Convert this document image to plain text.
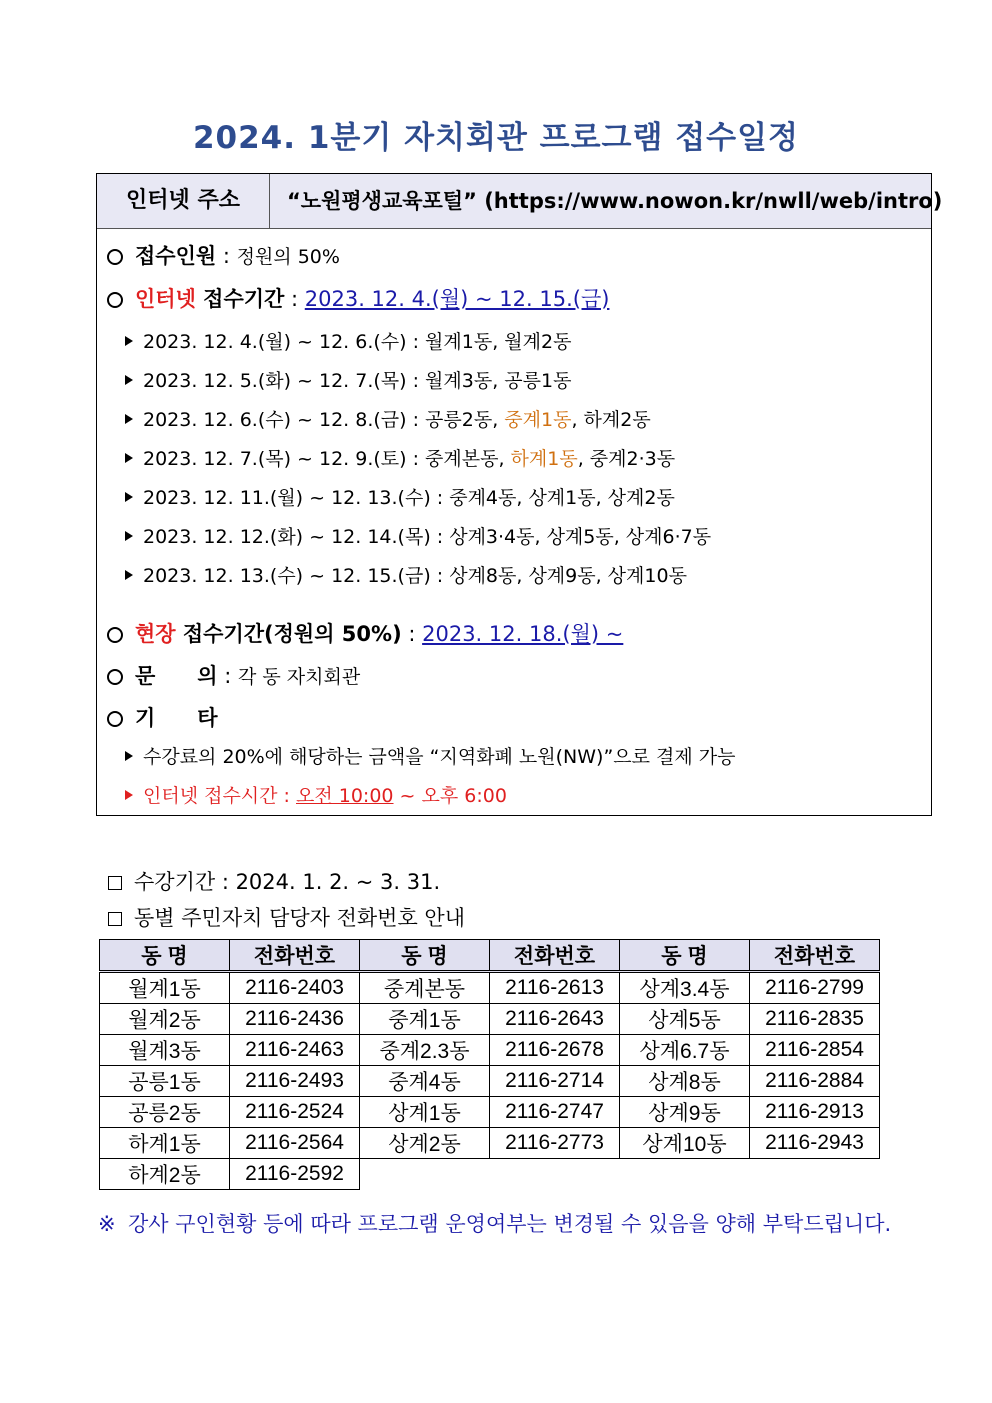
2024. 1분기 자치회관 프로그램 접수일정
인터넷 주소	“노원평생교육포털” (https://www.nowon.kr/nwll/web/intro)
접수인원 : 정원의 50%
인터넷 접수기간 : 2023. 12. 4.(월) ~ 12. 15.(금)
2023. 12. 4.(월) ~ 12. 6.(수) : 월계1동, 월계2동
2023. 12. 5.(화) ~ 12. 7.(목) : 월계3동, 공릉1동
2023. 12. 6.(수) ~ 12. 8.(금) : 공릉2동, 중계1동, 하계2동
2023. 12. 7.(목) ~ 12. 9.(토) : 중계본동, 하계1동, 중계2·3동
2023. 12. 11.(월) ~ 12. 13.(수) : 중계4동, 상계1동, 상계2동
2023. 12. 12.(화) ~ 12. 14.(목) : 상계3·4동, 상계5동, 상계6·7동
2023. 12. 13.(수) ~ 12. 15.(금) : 상계8동, 상계9동, 상계10동
현장 접수기간(정원의 50%) : 2023. 12. 18.(월) ~
문　　의 : 각 동 자치회관
기　　타
수강료의 20%에 해당하는 금액을 “지역화폐 노원(NW)”으로 결제 가능
인터넷 접수시간 : 오전 10:00 ~ 오후 6:00
수강기간 : 2024. 1. 2. ~ 3. 31.
동별 주민자치 담당자 전화번호 안내
동 명	전화번호	동 명	전화번호	동 명	전화번호
월계1동	2116-2403	중계본동	2116-2613	상계3.4동	2116-2799
월계2동	2116-2436	중계1동	2116-2643	상계5동	2116-2835
월계3동	2116-2463	중계2.3동	2116-2678	상계6.7동	2116-2854
공릉1동	2116-2493	중계4동	2116-2714	상계8동	2116-2884
공릉2동	2116-2524	상계1동	2116-2747	상계9동	2116-2913
하계1동	2116-2564	상계2동	2116-2773	상계10동	2116-2943
하계2동	2116-2592				
※ 강사 구인현황 등에 따라 프로그램 운영여부는 변경될 수 있음을 양해 부탁드립니다.
